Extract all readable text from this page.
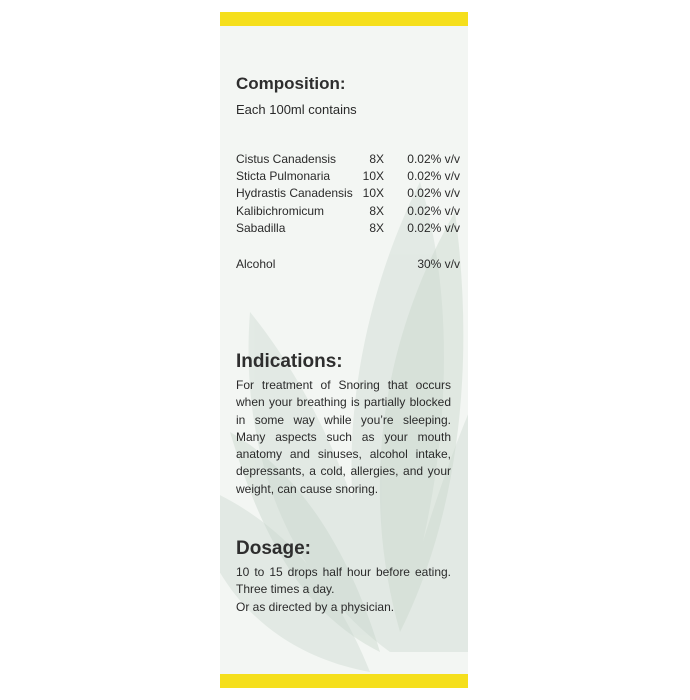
Composition:
Each 100ml contains
Cistus Canadensis	8X 0.02% v/v
Sticta Pulmonaria	10X 0.02% v/v
Hydrastis Canadensis 10X 0.02% v/v
Kalibichromicum	8X 0.02% v/v
Sabadilla	8X 0.02% v/v
Alcohol	30% v/v
Indications:
For treatment of Snoring that occurs when your breathing is partially blocked in some way while you’re sleeping. Many aspects such as your mouth anatomy and sinuses, alcohol intake, depressants, a cold, allergies, and your weight, can cause snoring.
Dosage:
10 to 15 drops half hour before eating. Three times a day.
Or as directed by a physician.
